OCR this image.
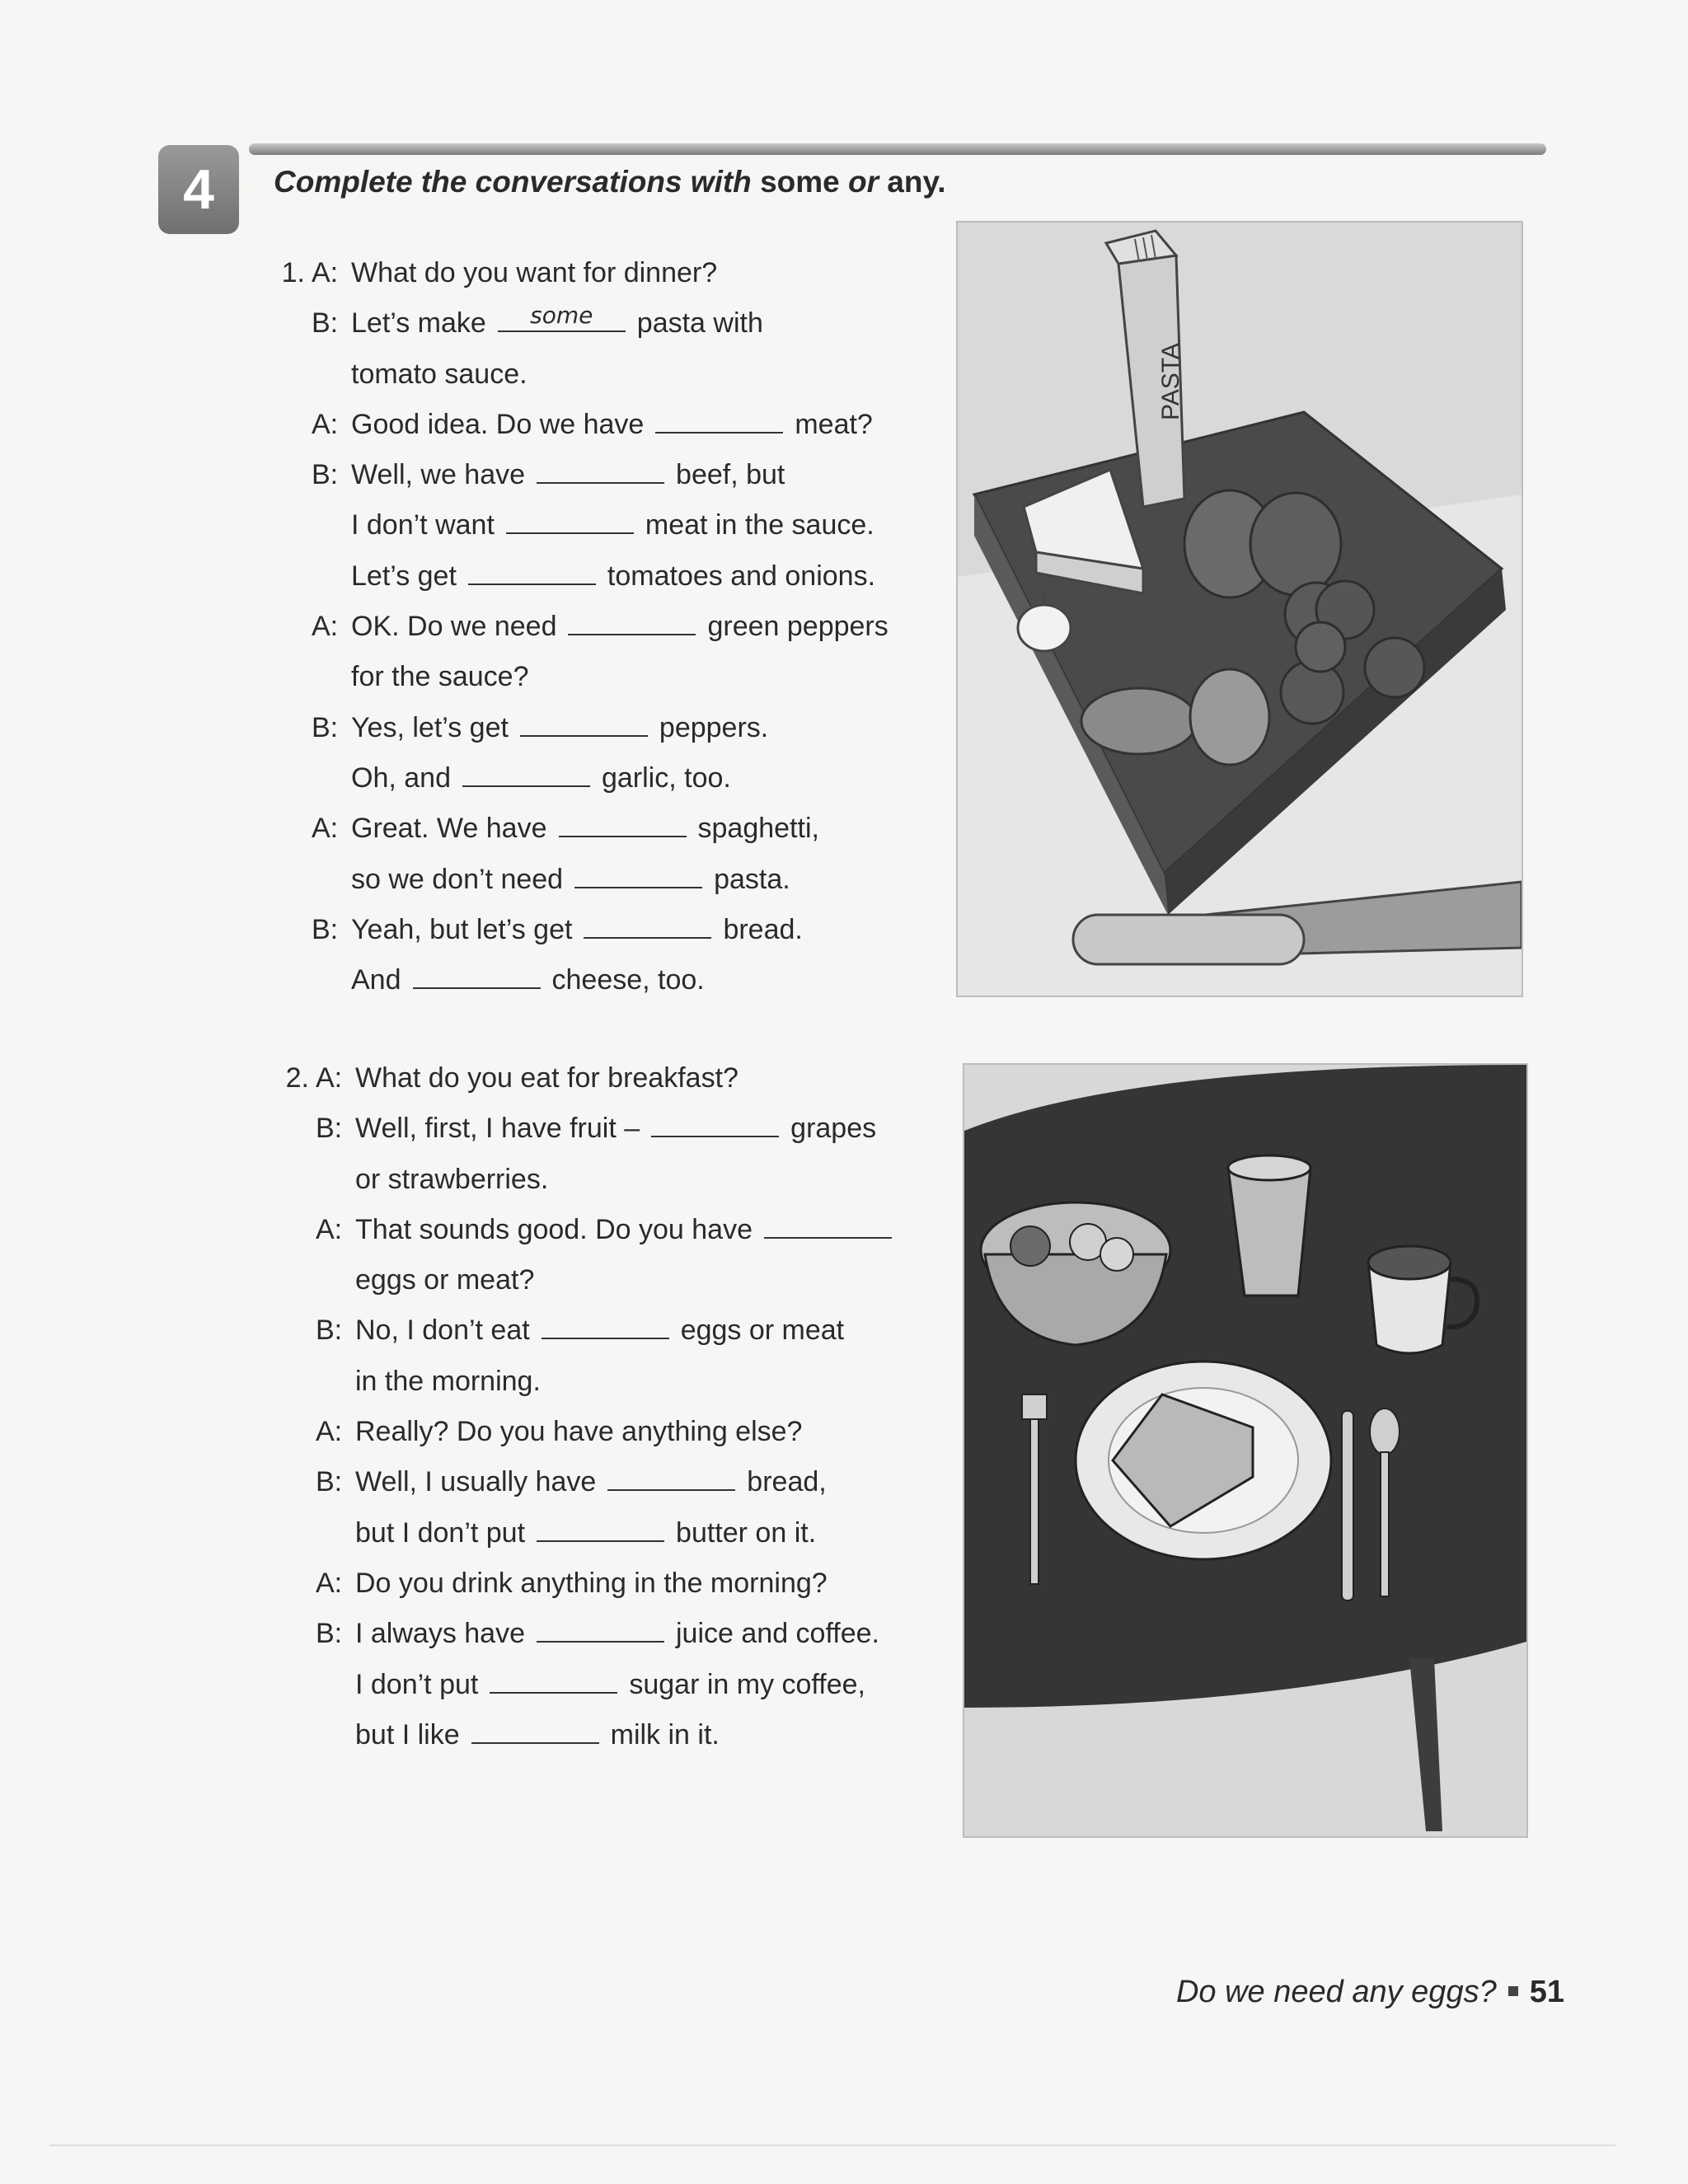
4	Complete the conversations with some or any.
1. A: What do you want for dinner?
B: Let’s make	some	pasta with
tomato sauce.
A: Good idea. Do we have	meat?
B: Well, we have	beef, but
I don’t want	meat in the sauce.
Let’s get	tomatoes and onions.
A: OK. Do we need	green peppers
for the sauce?
B: Yes, let’s get	peppers.
Oh, and	garlic, too.
A: Great. We have	spaghetti,
so we don’t need	pasta.
B: Yeah, but let’s get	bread.
And	cheese, too.
2. A: What do you eat for breakfast?
B: Well, first, I have fruit –	grapes
or strawberries.
A: That sounds good. Do you have
eggs or meat?
B: No, I don’t eat	eggs or meat
in the morning.
A: Really? Do you have anything else?
B: Well, I usually have	bread,
but I don’t put	butter on it.
A: Do you drink anything in the morning?
B: I always have	juice and coffee.
I don’t put	sugar in my coffee,
but I like	milk in it.
PASTA
Do we need any eggs? 51
